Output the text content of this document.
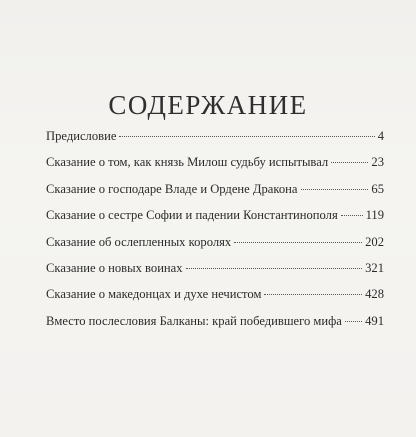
СОДЕРЖАНИЕ
Предисловие	4
Сказание о том, как князь Милош судьбу испытывал	23
Сказание о господаре Владе и Ордене Дракона	65
Сказание о сестре Софии и падении Константинополя 119
Сказание об ослепленных королях	202
Сказание о новых воинах	321
Сказание о македонцах и духе нечистом	428
Вместо послесловия Балканы: край победившего мифа 491
